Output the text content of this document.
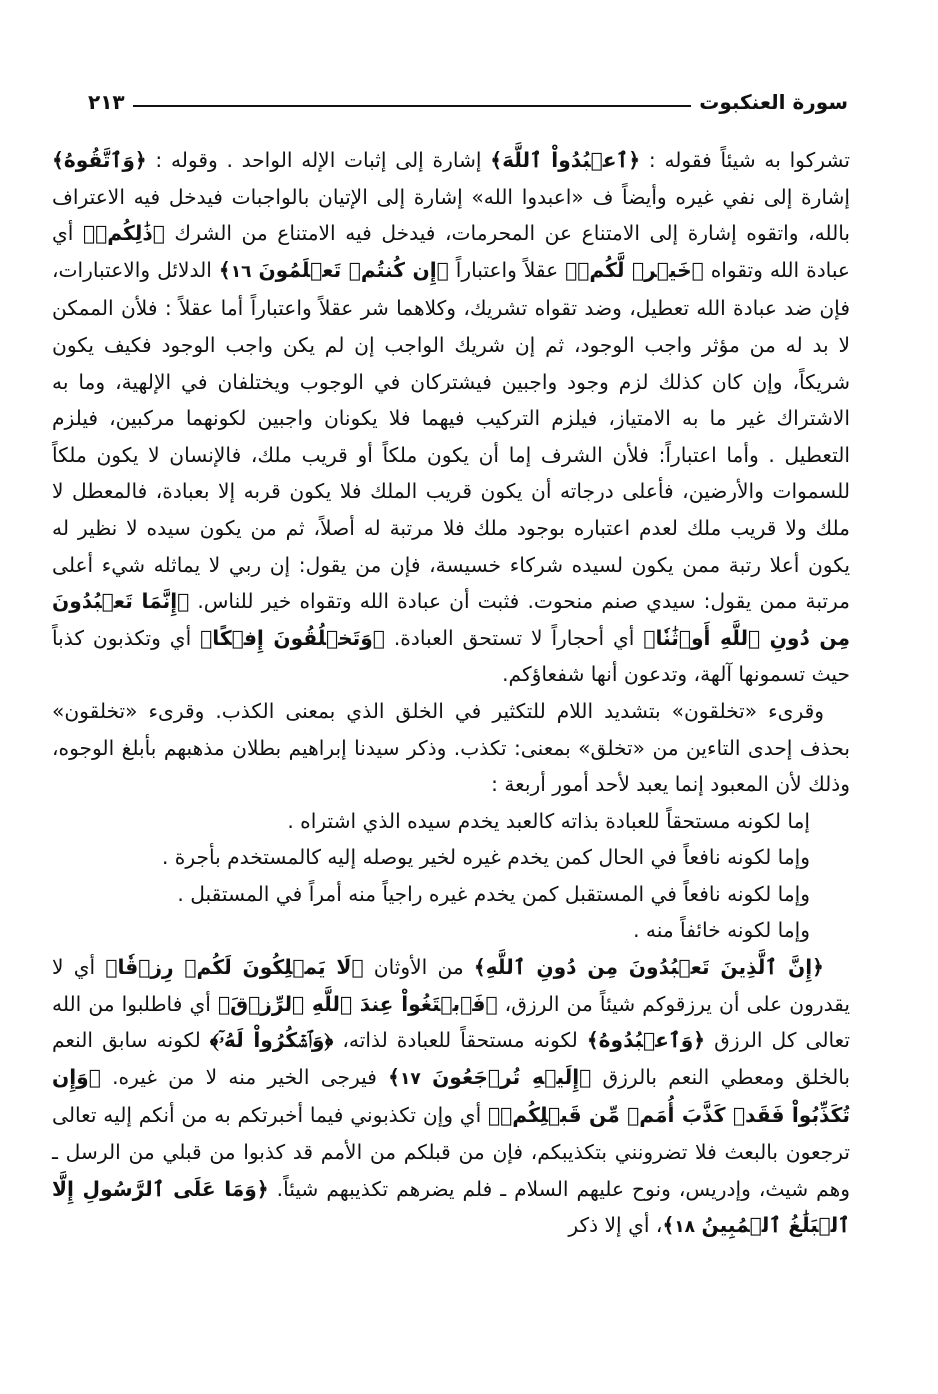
سورة العنكبوت
٢١٣

تشركوا به شيئاً فقوله : ﴿ٱعۡبُدُواْ ٱللَّهَ﴾ إشارة إلى إثبات الإله الواحد . وقوله : ﴿وَٱتَّقُوهُ﴾ إشارة إلى نفي غيره وأيضاً ف «اعبدوا الله» إشارة إلى الإتيان بالواجبات فيدخل فيه الاعتراف بالله، واتقوه إشارة إلى الامتناع عن المحرمات، فيدخل فيه الامتناع من الشرك ﴿ذَٰلِكُمۡ﴾ أي عبادة الله وتقواه ﴿خَيۡرٞ لَّكُمۡ﴾ عقلاً واعتباراً ﴿إِن كُنتُمۡ تَعۡلَمُونَ ١٦﴾ الدلائل والاعتبارات، فإن ضد عبادة الله تعطيل، وضد تقواه تشريك، وكلاهما شر عقلاً واعتباراً أما عقلاً : فلأن الممكن لا بد له من مؤثر واجب الوجود، ثم إن شريك الواجب إن لم يكن واجب الوجود فكيف يكون شريكاً، وإن كان كذلك لزم وجود واجبين فيشتركان في الوجوب ويختلفان في الإلهية، وما به الاشتراك غير ما به الامتياز، فيلزم التركيب فيهما فلا يكونان واجبين لكونهما مركبين، فيلزم التعطيل . وأما اعتباراً: فلأن الشرف إما أن يكون ملكاً أو قريب ملك، فالإنسان لا يكون ملكاً للسموات والأرضين، فأعلى درجاته أن يكون قريب الملك فلا يكون قربه إلا بعبادة، فالمعطل لا ملك ولا قريب ملك لعدم اعتباره بوجود ملك فلا مرتبة له أصلاً، ثم من يكون سيده لا نظير له يكون أعلا رتبة ممن يكون لسيده شركاء خسيسة، فإن من يقول: إن ربي لا يماثله شيء أعلى مرتبة ممن يقول: سيدي صنم منحوت. فثبت أن عبادة الله وتقواه خير للناس. ﴿إِنَّمَا تَعۡبُدُونَ مِن دُونِ ٱللَّهِ أَوۡثَٰنٗا﴾ أي أحجاراً لا تستحق العبادة. ﴿وَتَخۡلُقُونَ إِفۡكًا﴾ أي وتكذبون كذباً حيث تسمونها آلهة، وتدعون أنها شفعاؤكم.

وقرىء «تخلقون» بتشديد اللام للتكثير في الخلق الذي بمعنى الكذب. وقرىء «تخلقون» بحذف إحدى التاءين من «تخلق» بمعنى: تكذب. وذكر سيدنا إبراهيم بطلان مذهبهم بأبلغ الوجوه، وذلك لأن المعبود إنما يعبد لأحد أمور أربعة :

إما لكونه مستحقاً للعبادة بذاته كالعبد يخدم سيده الذي اشتراه .

وإما لكونه نافعاً في الحال كمن يخدم غيره لخير يوصله إليه كالمستخدم بأجرة .

وإما لكونه نافعاً في المستقبل كمن يخدم غيره راجياً منه أمراً في المستقبل .

وإما لكونه خائفاً منه .

﴿إِنَّ ٱلَّذِينَ تَعۡبُدُونَ مِن دُونِ ٱللَّهِ﴾ من الأوثان ﴿لَا يَمۡلِكُونَ لَكُمۡ رِزۡقٗا﴾ أي لا يقدرون على أن يرزقوكم شيئاً من الرزق، ﴿فَٱبۡتَغُواْ عِندَ ٱللَّهِ ٱلرِّزۡقَ﴾ أي فاطلبوا من الله تعالى كل الرزق ﴿وَٱعۡبُدُوهُ﴾ لكونه مستحقاً للعبادة لذاته، ﴿وَٱشۡكُرُواْ لَهُۥٓ﴾ لكونه سابق النعم بالخلق ومعطي النعم بالرزق ﴿إِلَيۡهِ تُرۡجَعُونَ ١٧﴾ فيرجى الخير منه لا من غيره. ﴿وَإِن تُكَذِّبُواْ فَقَدۡ كَذَّبَ أُمَمٞ مِّن قَبۡلِكُمۡ﴾ أي وإن تكذبوني فيما أخبرتكم به من أنكم إليه تعالى ترجعون بالبعث فلا تضرونني بتكذيبكم، فإن من قبلكم من الأمم قد كذبوا من قبلي من الرسل ـ وهم شيث، وإدريس، ونوح عليهم السلام ـ فلم يضرهم تكذيبهم شيئاً. ﴿وَمَا عَلَى ٱلرَّسُولِ إِلَّا ٱلۡبَلَٰغُ ٱلۡمُبِينُ ١٨﴾، أي إلا ذكر
